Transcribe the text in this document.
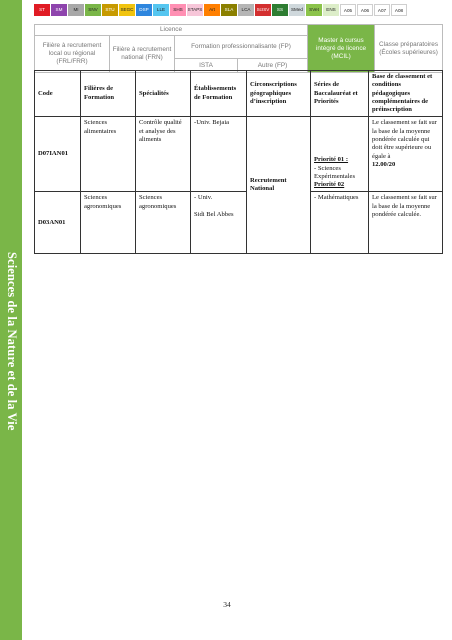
Sciences de la Nature et de la Vie
ST	SM	MI	SNV	STU	SEGC	DSP	LLE	SHS	STAPS	Art	SLA	LCA	ScISV	SS	SMed	SVet	ENS	A05	A06	A07	A08
Licence				Master à cursus intégré de licence (MCIL)	Classe préparatoires (Écoles supérieures)
Filière à recrutement local ou régional (FRL/FRR)	Filière à recrutement national (FRN)	Formation professionnalisante (FP)			
		ISTA	Autre (FP)		
Code	Filières de Formation	Spécialités	Établissements de Formation	Circonscriptions géographiques d’inscription	Séries de Baccalauréat et Priorités	Base de classement et conditions pédagogiques complémentaires de préinscription
D07IAN01	Sciences alimentaires	Contrôle qualité et analyse des aliments	-Univ. Bejaia	Recrutement National	Priorité 01 :
- Sciences Expérimentales
Priorité 02	Le classement se fait sur la base de la moyenne pondérée calculée qui doit être supérieure ou égale à
12.00/20

D03AN01	Sciences agronomiques	Sciences agronomiques	- Univ.
Sidi Bel Abbes		- Mathématiques	Le classement se fait sur la base de la moyenne pondérée calculée.
34
